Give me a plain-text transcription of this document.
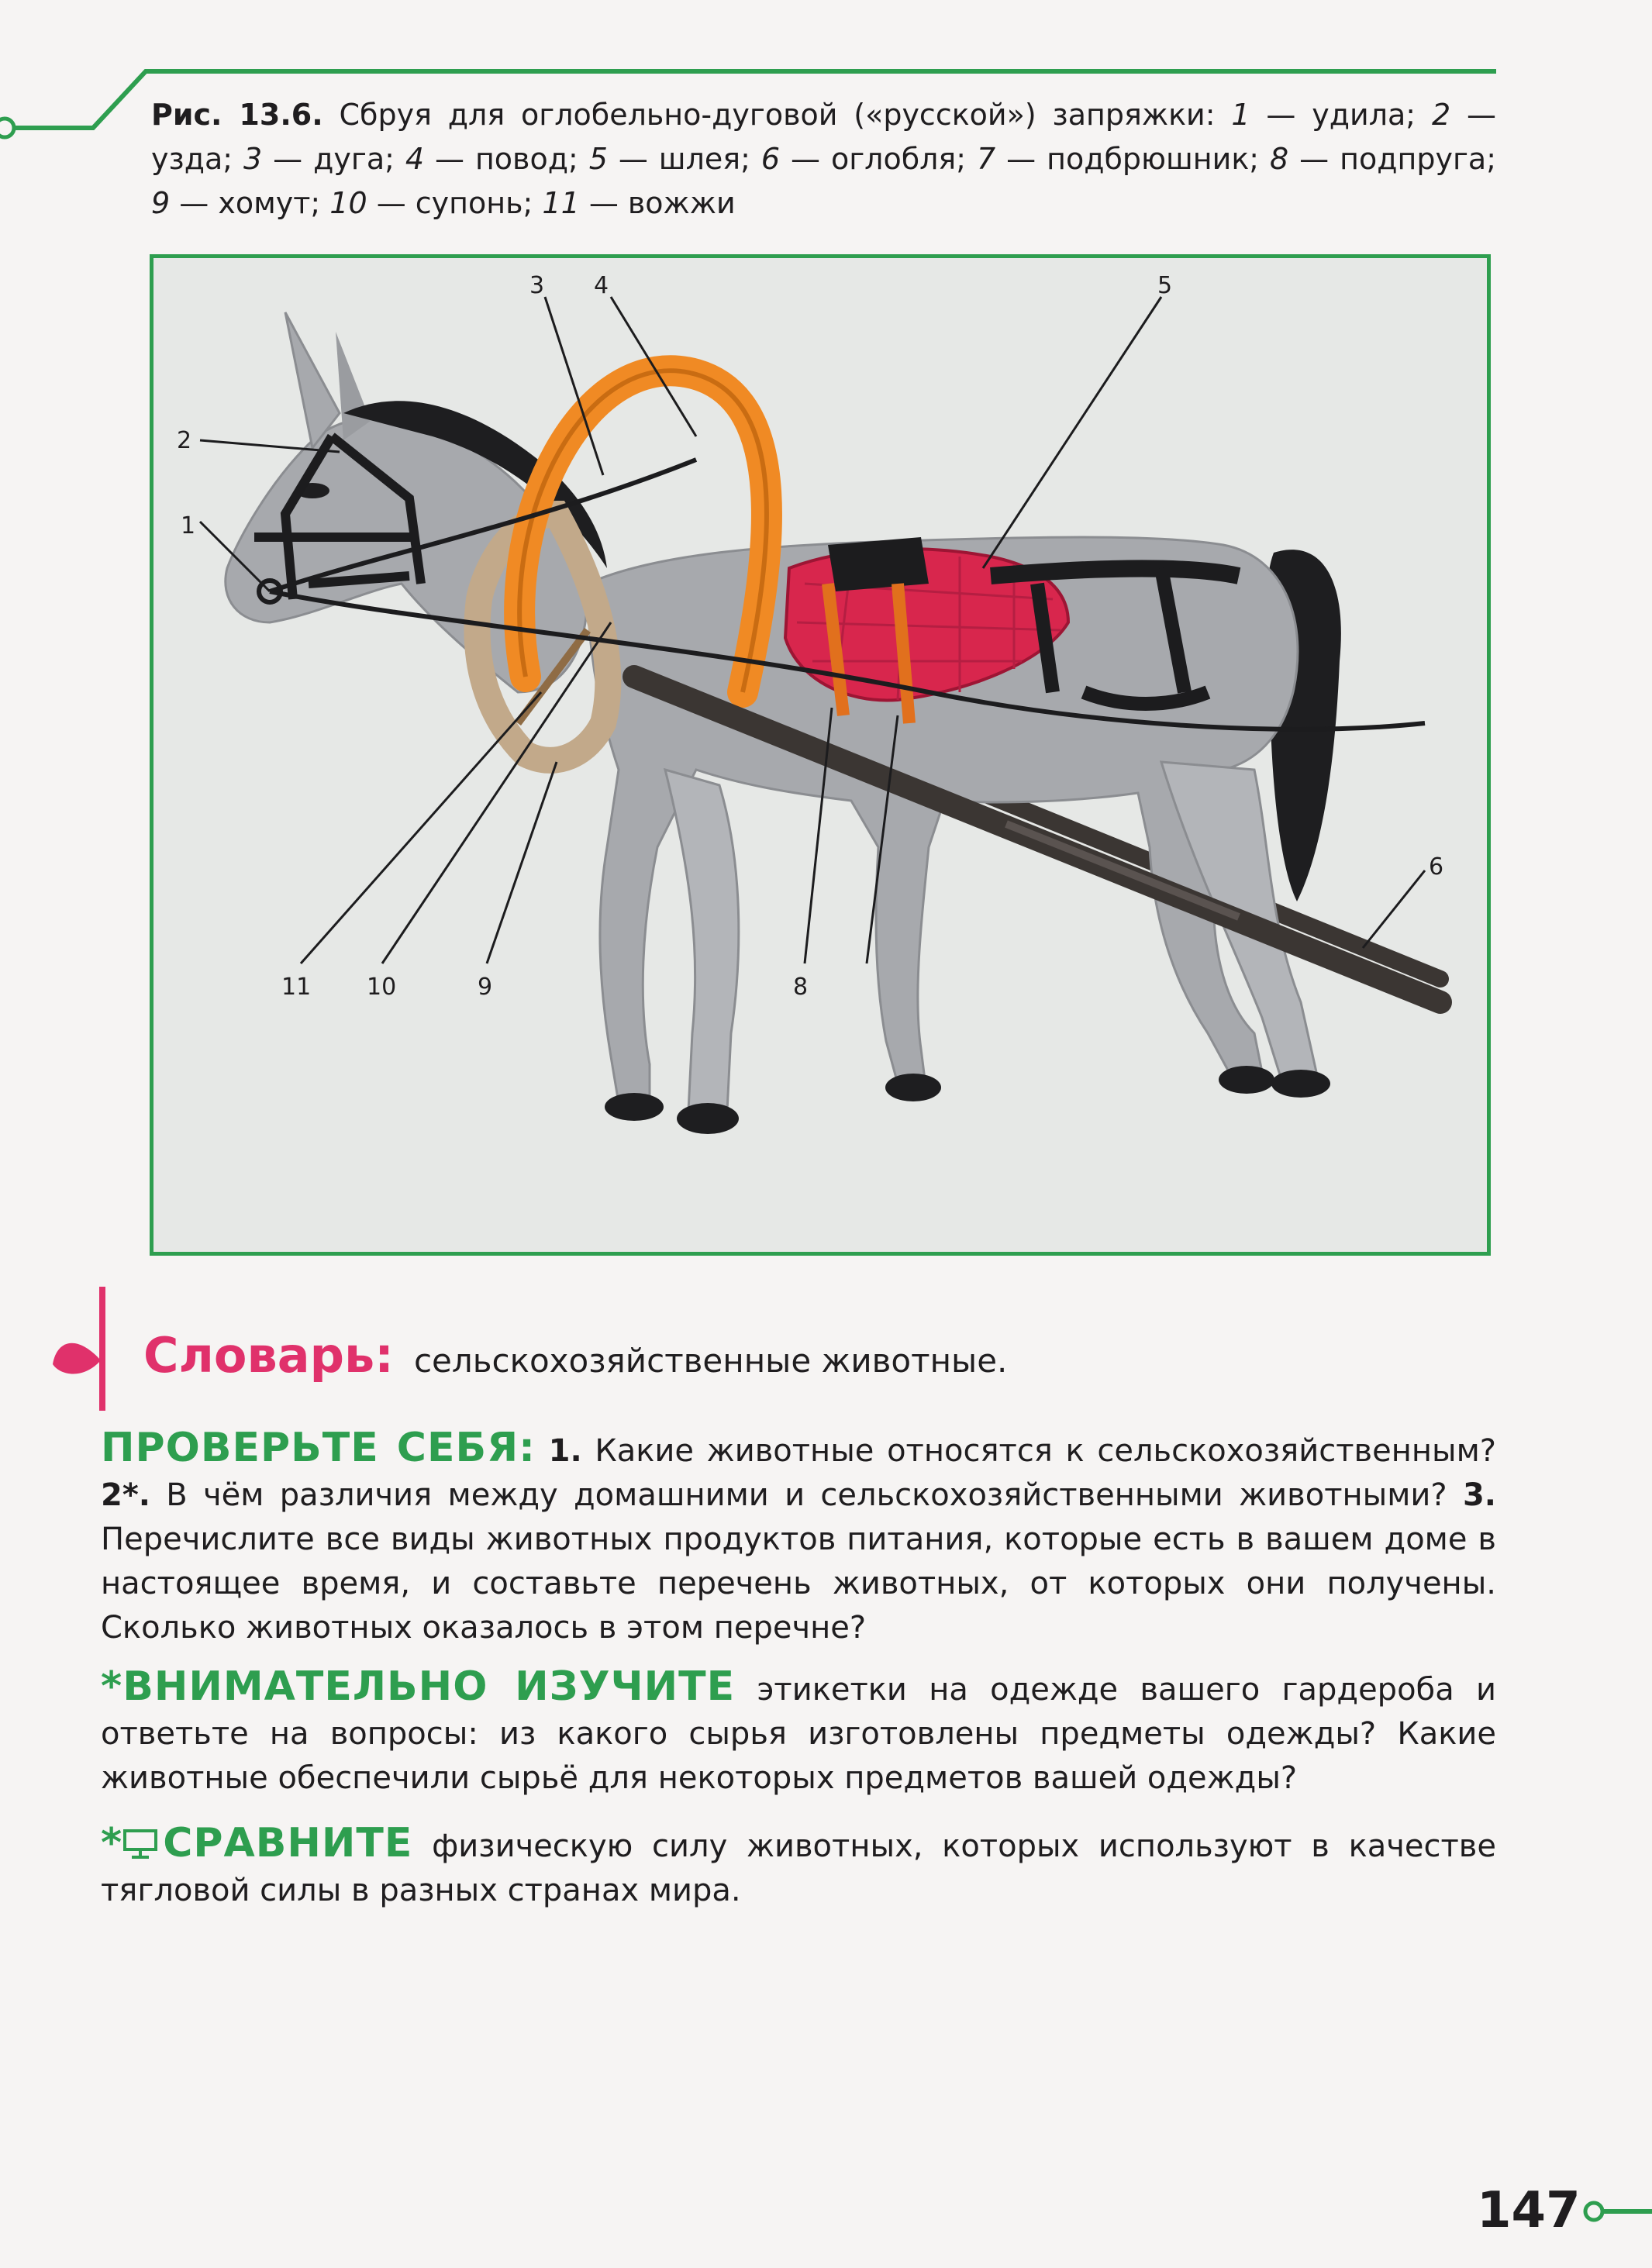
Рис. 13.6. Сбруя для оглобельно-дуговой («русской») запряжки: 1 — удила; 2 — узда; 3 — дуга; 4 — повод; 5 — шлея; 6 — оглобля; 7 — подбрюшник; 8 — подпруга; 9 — хомут; 10 — супонь; 11 — вожжи
1
2
3 4	5
6
8
9
10
11
Словарь: сельскохозяйственные животные.
ПРОВЕРЬТЕ СЕБЯ: 1. Какие животные относятся к сельскохозяйственным? 2*. В чём различия между домашними и сельскохозяйственными животными? 3. Перечислите все виды животных продуктов питания, которые есть в вашем доме в настоящее время, и составьте перечень животных, от которых они получены. Сколько животных оказалось в этом перечне?
*ВНИМАТЕЛЬНО ИЗУЧИТЕ этикетки на одежде вашего гардероба и ответьте на вопросы: из какого сырья изготовлены предметы одежды? Какие животные обеспечили сырьё для некоторых предметов вашей одежды?
* СРАВНИТЕ физическую силу животных, которых используют в качестве тягловой силы в разных странах мира.
147
